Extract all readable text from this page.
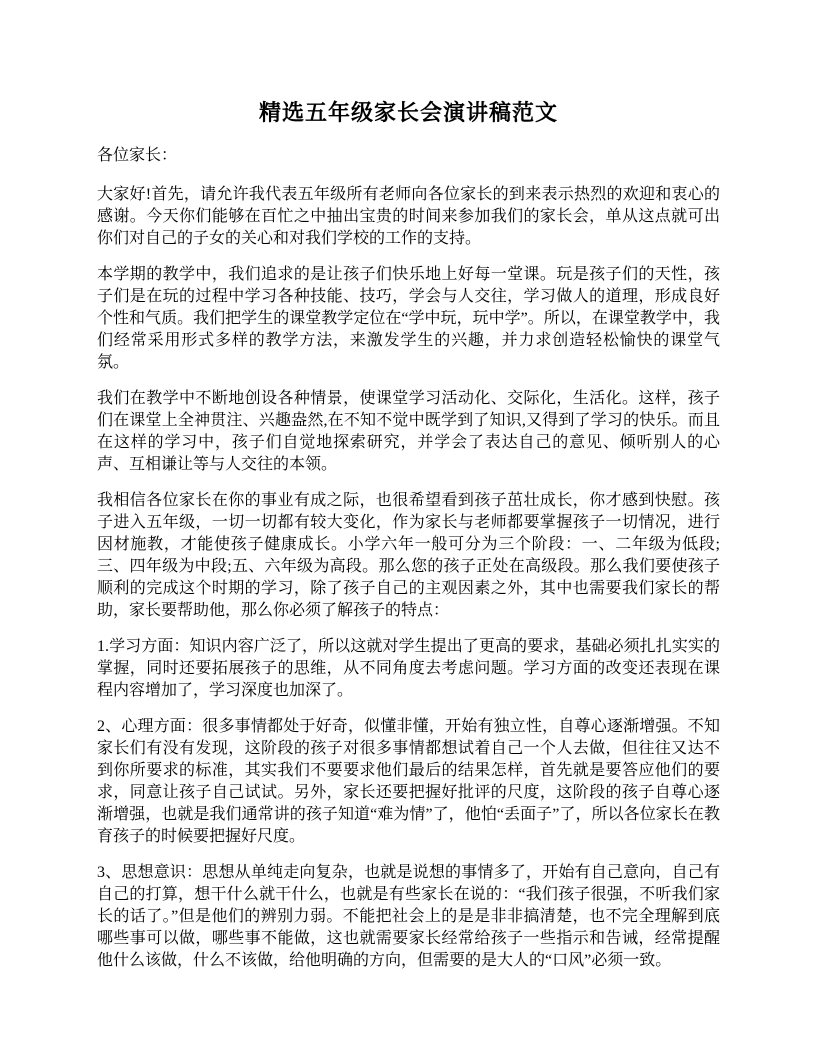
精选五年级家长会演讲稿范文

各位家长：

大家好!首先，请允许我代表五年级所有老师向各位家长的到来表示热烈的欢迎和衷心的感谢。今天你们能够在百忙之中抽出宝贵的时间来参加我们的家长会，单从这点就可出你们对自己的子女的关心和对我们学校的工作的支持。

本学期的教学中，我们追求的是让孩子们快乐地上好每一堂课。玩是孩子们的天性，孩子们是在玩的过程中学习各种技能、技巧，学会与人交往，学习做人的道理，形成良好个性和气质。我们把学生的课堂教学定位在“学中玩，玩中学”。所以，在课堂教学中，我们经常采用形式多样的教学方法，来激发学生的兴趣，并力求创造轻松愉快的课堂气氛。

我们在教学中不断地创设各种情景，使课堂学习活动化、交际化，生活化。这样，孩子们在课堂上全神贯注、兴趣盎然,在不知不觉中既学到了知识,又得到了学习的快乐。而且在这样的学习中，孩子们自觉地探索研究，并学会了表达自己的意见、倾听别人的心声、互相谦让等与人交往的本领。

我相信各位家长在你的事业有成之际，也很希望看到孩子茁壮成长，你才感到快慰。孩子进入五年级，一切一切都有较大变化，作为家长与老师都要掌握孩子一切情况，进行因材施教，才能使孩子健康成长。小学六年一般可分为三个阶段：一、二年级为低段;三、四年级为中段;五、六年级为高段。那么您的孩子正处在高级段。那么我们要使孩子顺利的完成这个时期的学习，除了孩子自己的主观因素之外，其中也需要我们家长的帮助，家长要帮助他，那么你必须了解孩子的特点：

1.学习方面：知识内容广泛了，所以这就对学生提出了更高的要求，基础必须扎扎实实的掌握，同时还要拓展孩子的思维，从不同角度去考虑问题。学习方面的改变还表现在课程内容增加了，学习深度也加深了。

2、心理方面：很多事情都处于好奇，似懂非懂，开始有独立性，自尊心逐渐增强。不知家长们有没有发现，这阶段的孩子对很多事情都想试着自己一个人去做，但往往又达不到你所要求的标准，其实我们不要要求他们最后的结果怎样，首先就是要答应他们的要求，同意让孩子自己试试。另外，家长还要把握好批评的尺度，这阶段的孩子自尊心逐渐增强，也就是我们通常讲的孩子知道“难为情”了，他怕“丢面子”了，所以各位家长在教育孩子的时候要把握好尺度。

3、思想意识：思想从单纯走向复杂，也就是说想的事情多了，开始有自己意向，自己有自己的打算，想干什么就干什么，也就是有些家长在说的：“我们孩子很强，不听我们家长的话了。”但是他们的辨别力弱。不能把社会上的是是非非搞清楚，也不完全理解到底哪些事可以做，哪些事不能做，这也就需要家长经常给孩子一些指示和告诫，经常提醒他什么该做，什么不该做，给他明确的方向，但需要的是大人的“口风”必须一致。
